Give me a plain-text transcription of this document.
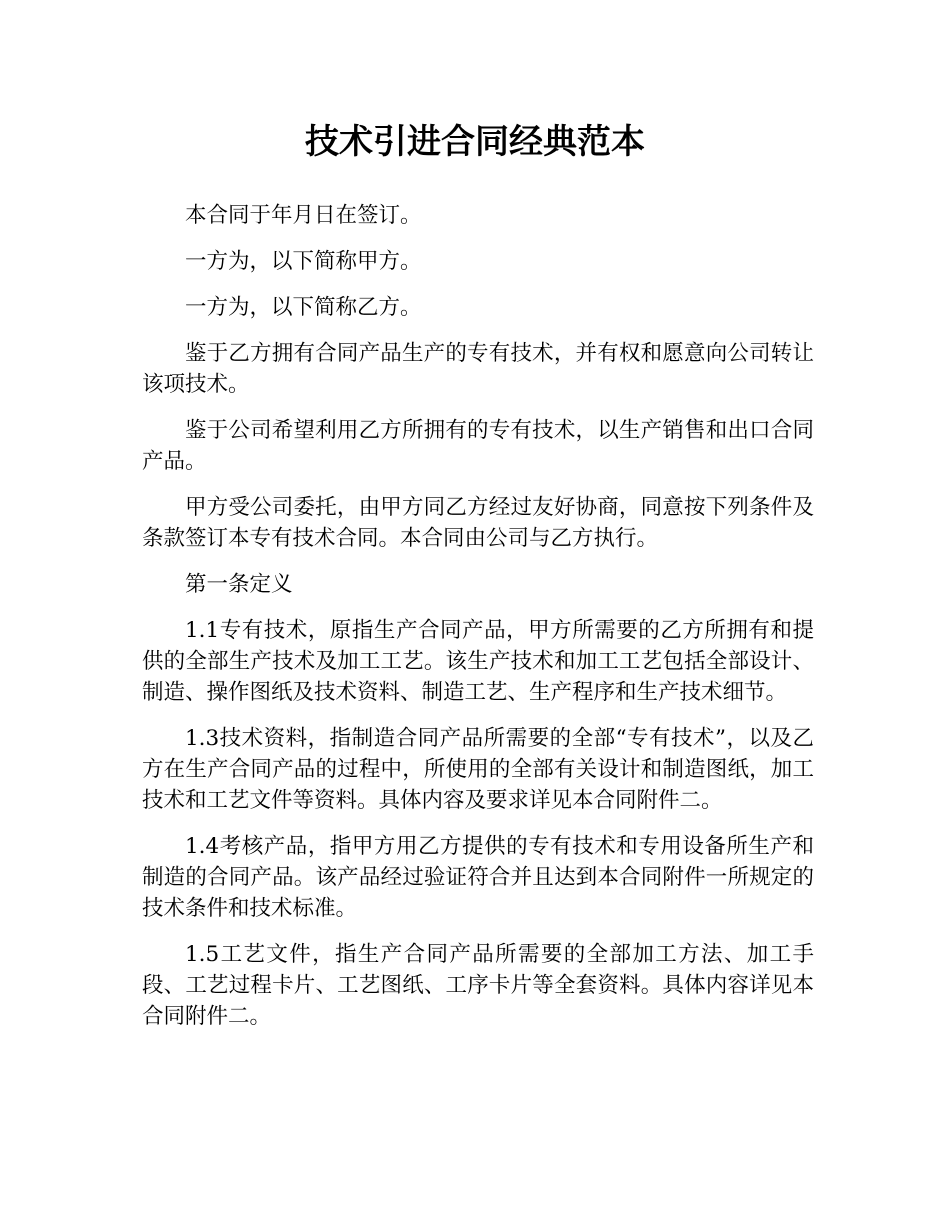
技术引进合同经典范本

本合同于年月日在签订。

一方为，以下简称甲方。

一方为，以下简称乙方。

鉴于乙方拥有合同产品生产的专有技术，并有权和愿意向公司转让该项技术。

鉴于公司希望利用乙方所拥有的专有技术，以生产销售和出口合同产品。

甲方受公司委托，由甲方同乙方经过友好协商，同意按下列条件及条款签订本专有技术合同。本合同由公司与乙方执行。

第一条定义

1.1专有技术，原指生产合同产品，甲方所需要的乙方所拥有和提供的全部生产技术及加工工艺。该生产技术和加工工艺包括全部设计、制造、操作图纸及技术资料、制造工艺、生产程序和生产技术细节。

1.3技术资料，指制造合同产品所需要的全部“专有技术”，以及乙方在生产合同产品的过程中，所使用的全部有关设计和制造图纸，加工技术和工艺文件等资料。具体内容及要求详见本合同附件二。

1.4考核产品，指甲方用乙方提供的专有技术和专用设备所生产和制造的合同产品。该产品经过验证符合并且达到本合同附件一所规定的技术条件和技术标准。

1.5工艺文件，指生产合同产品所需要的全部加工方法、加工手段、工艺过程卡片、工艺图纸、工序卡片等全套资料。具体内容详见本合同附件二。
